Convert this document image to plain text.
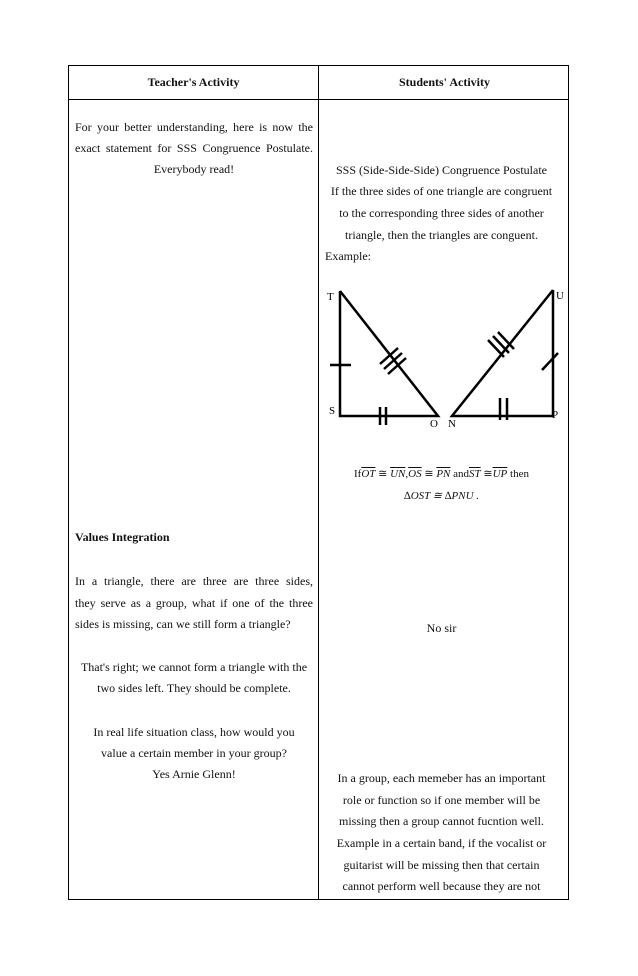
Teacher's Activity	Students' Activity
For your better understanding, here is now the
exact statement for SSS Congruence Postulate.
Everybody read!
Values Integration
In a triangle, there are three are three sides,
they serve as a group, what if one of the three
sides is missing, can we still form a triangle?
That's right; we cannot form a triangle with the
two sides left. They should be complete.
In real life situation class, how would you
value a certain member in your group?
Yes Arnie Glenn!
SSS (Side-Side-Side) Congruence Postulate
If the three sides of one triangle are congruent
to the corresponding three sides of another
triangle, then the triangles are conguent.
Example:
T
S
O N
P
U
$If\overline{OT}$ ≅ $\overline{UN},\overline{OS}$ ≅ $\overline{PN}$ $and\overline{ST}$ $≅\overline{UP}$ then
∆OST ≅ ∆PNU .
No sir
In a group, each memeber has an important
role or function so if one member will be
missing then a group cannot fucntion well.
Example in a certain band, if the vocalist or
guitarist will be missing then that certain
cannot perform well because they are not
